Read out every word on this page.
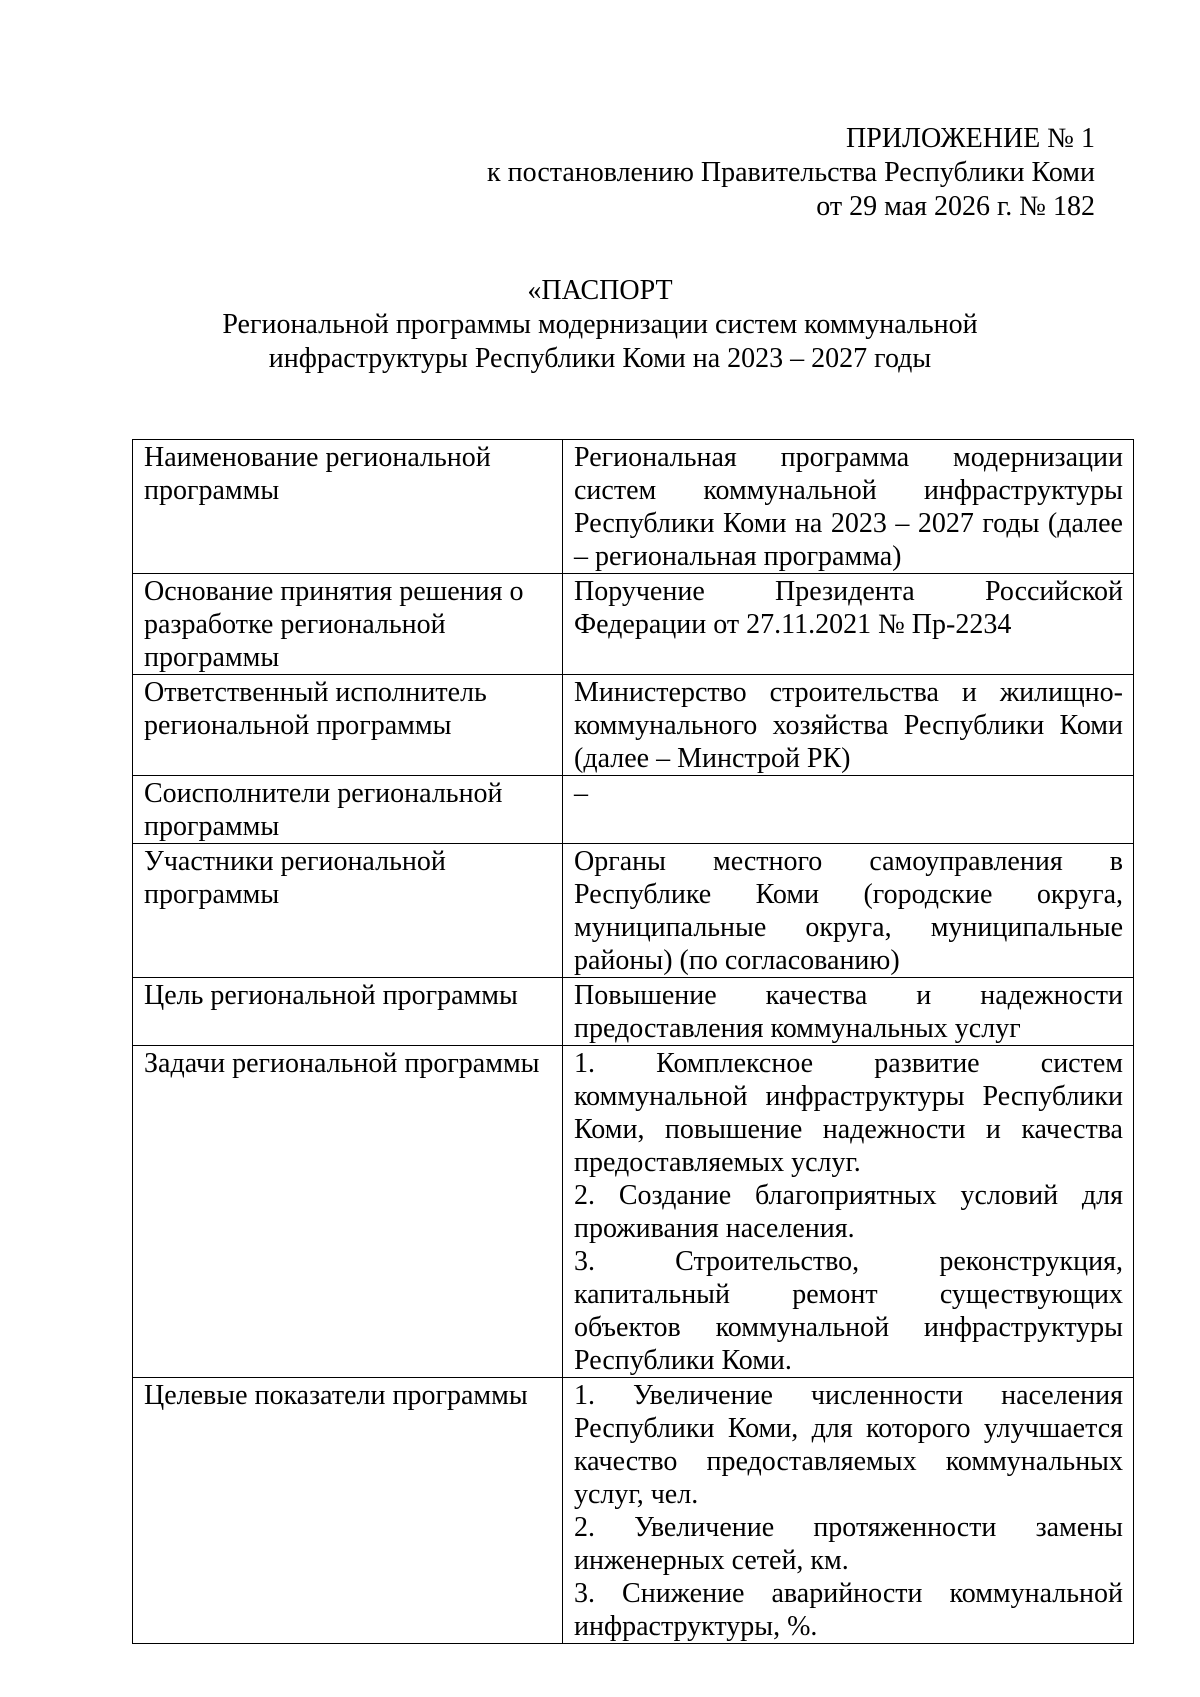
ПРИЛОЖЕНИЕ № 1
к постановлению Правительства Республики Коми
от 29 мая 2026 г. № 182
«ПАСПОРТ
Региональной программы модернизации систем коммунальной
инфраструктуры Республики Коми на 2023 – 2027 годы
Наименование региональной программы	Региональная программа модернизации систем коммунальной инфраструктуры Республики Коми на 2023 – 2027 годы (далее – региональная программа)
Основание принятия решения о разработке региональной программы	Поручение Президента Российской Федерации от 27.11.2021 № Пр-2234
Ответственный исполнитель региональной программы	Министерство строительства и жилищно-коммунального хозяйства Республики Коми (далее – Минстрой РК)
Соисполнители региональной программы	–
Участники региональной программы	Органы местного самоуправления в Республике Коми (городские округа, муниципальные округа, муниципальные районы) (по согласованию)
Цель региональной программы	Повышение качества и надежности предоставления коммунальных услуг
Задачи региональной программы	1. Комплексное развитие систем коммунальной инфраструктуры Республики Коми, повышение надежности и качества предоставляемых услуг.
2. Создание благоприятных условий для проживания населения.
3. Строительство, реконструкция, капитальный ремонт существующих объектов коммунальной инфраструктуры Республики Коми.

Целевые показатели программы	1. Увеличение численности населения Республики Коми, для которого улучшается качество предоставляемых коммунальных услуг, чел.
2. Увеличение протяженности замены инженерных сетей, км.
3. Снижение аварийности коммунальной инфраструктуры, %.
